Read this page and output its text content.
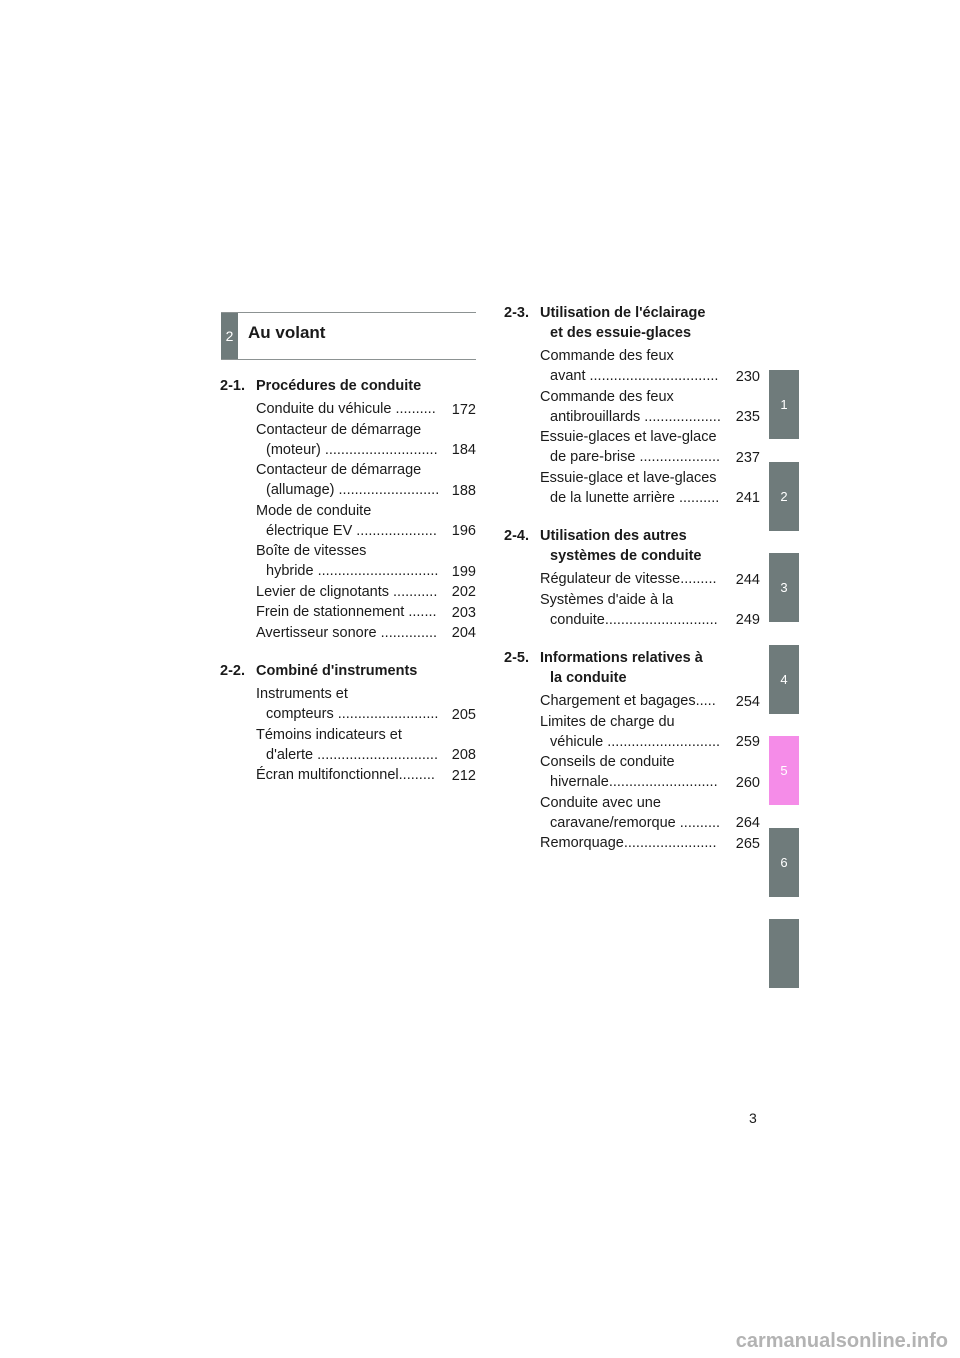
2 Au volant
2-1. Procédures de conduite
Conduite du véhicule ..........	172
Contacteur de démarrage
(moteur) ............................ 184
Contacteur de démarrage
(allumage) ......................... 188
Mode de conduite
électrique EV ....................	196
Boîte de vitesses
hybride .............................. 199
Levier de clignotants ........... 202
Frein de stationnement .......	203
Avertisseur sonore ..............	204
2-2. Combiné d'instruments
Instruments et
compteurs ......................... 205
Témoins indicateurs et
d'alerte .............................. 208
Écran multifonctionnel.........	212
2-3. Utilisation de l'éclairage
et des essuie-glaces
Commande des feux
avant ................................	230
Commande des feux
antibrouillards ...................	235
Essuie-glaces et lave-glace
de pare-brise ....................	237
Essuie-glace et lave-glaces
de la lunette arrière ..........	241
2-4. Utilisation des autres
systèmes de conduite
Régulateur de vitesse.........	244
Systèmes d'aide à la
conduite............................	249
2-5. Informations relatives à
la conduite
Chargement et bagages.....	254
Limites de charge du
véhicule ............................	259
Conseils de conduite
hivernale...........................	260
Conduite avec une
caravane/remorque ..........	264
Remorquage.......................	265
1
2
3
4
5
6
3
carmanualsonline.info
